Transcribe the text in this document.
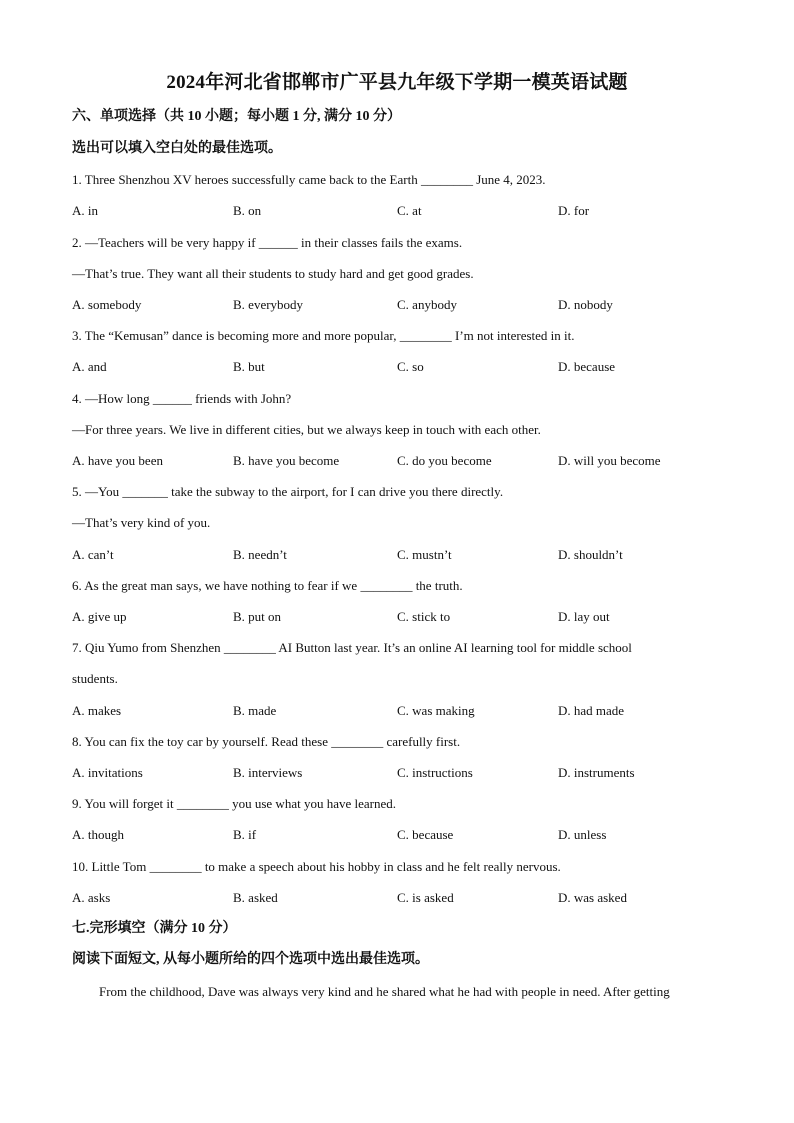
2024年河北省邯郸市广平县九年级下学期一模英语试题
六、单项选择（共 10 小题；每小题 1 分, 满分 10 分）
选出可以填入空白处的最佳选项。
1. Three Shenzhou XV heroes successfully came back to the Earth ________ June 4, 2023.
A. in	B. on	C. at	D. for
2. —Teachers will be very happy if ______ in their classes fails the exams.
—That’s true. They want all their students to study hard and get good grades.
A. somebody	B. everybody	C. anybody	D. nobody
3. The “Kemusan” dance is becoming more and more popular, ________ I’m not interested in it.
A. and	B. but	C. so	D. because
4. —How long ______ friends with John?
—For three years. We live in different cities, but we always keep in touch with each other.
A. have you been	B. have you become	C. do you become	D. will you become
5. —You _______ take the subway to the airport, for I can drive you there directly.
—That’s very kind of you.
A. can’t	B. needn’t	C. mustn’t	D. shouldn’t
6. As the great man says, we have nothing to fear if we ________ the truth.
A. give up	B. put on	C. stick to	D. lay out
7. Qiu Yumo from Shenzhen ________ AI Button last year. It’s an online AI learning tool for middle school
students.
A. makes	B. made	C. was making	D. had made
8. You can fix the toy car by yourself. Read these ________ carefully first.
A. invitations	B. interviews	C. instructions	D. instruments
9. You will forget it ________ you use what you have learned.
A. though	B. if	C. because	D. unless
10. Little Tom ________ to make a speech about his hobby in class and he felt really nervous.
A. asks	B. asked	C. is asked	D. was asked
七.完形填空（满分 10 分）
阅读下面短文, 从每小题所给的四个选项中选出最佳选项。
From the childhood, Dave was always very kind and he shared what he had with people in need. After getting
